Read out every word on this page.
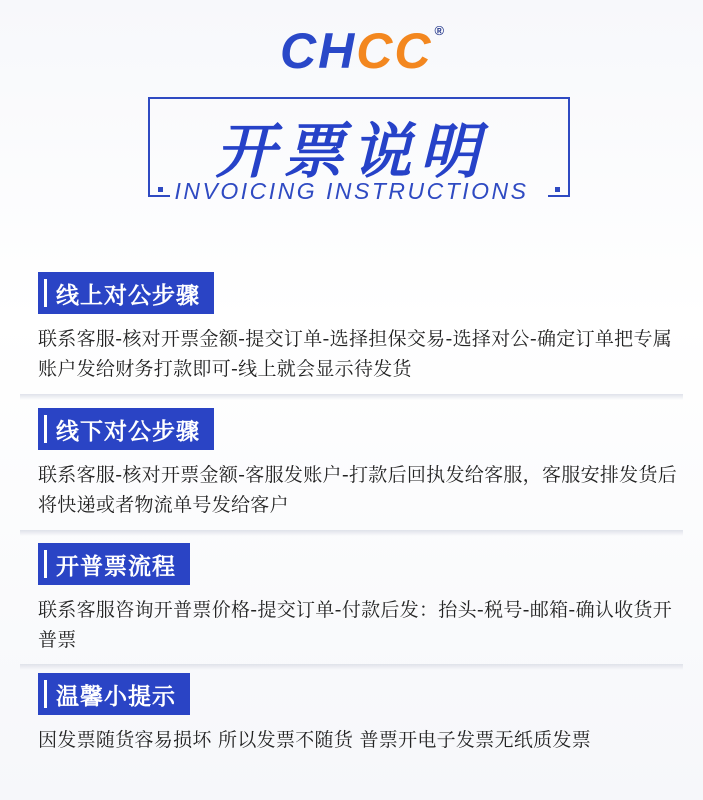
CHCC ®
开票说明
INVOICING INSTRUCTIONS
线上对公步骤
联系客服-核对开票金额-提交订单-选择担保交易-选择对公-确定订单把专属账户发给财务打款即可-线上就会显示待发货
线下对公步骤
联系客服-核对开票金额-客服发账户-打款后回执发给客服，客服安排发货后将快递或者物流单号发给客户
开普票流程
联系客服咨询开普票价格-提交订单-付款后发：抬头-税号-邮箱-确认收货开普票
温馨小提示
因发票随货容易损坏 所以发票不随货 普票开电子发票无纸质发票
